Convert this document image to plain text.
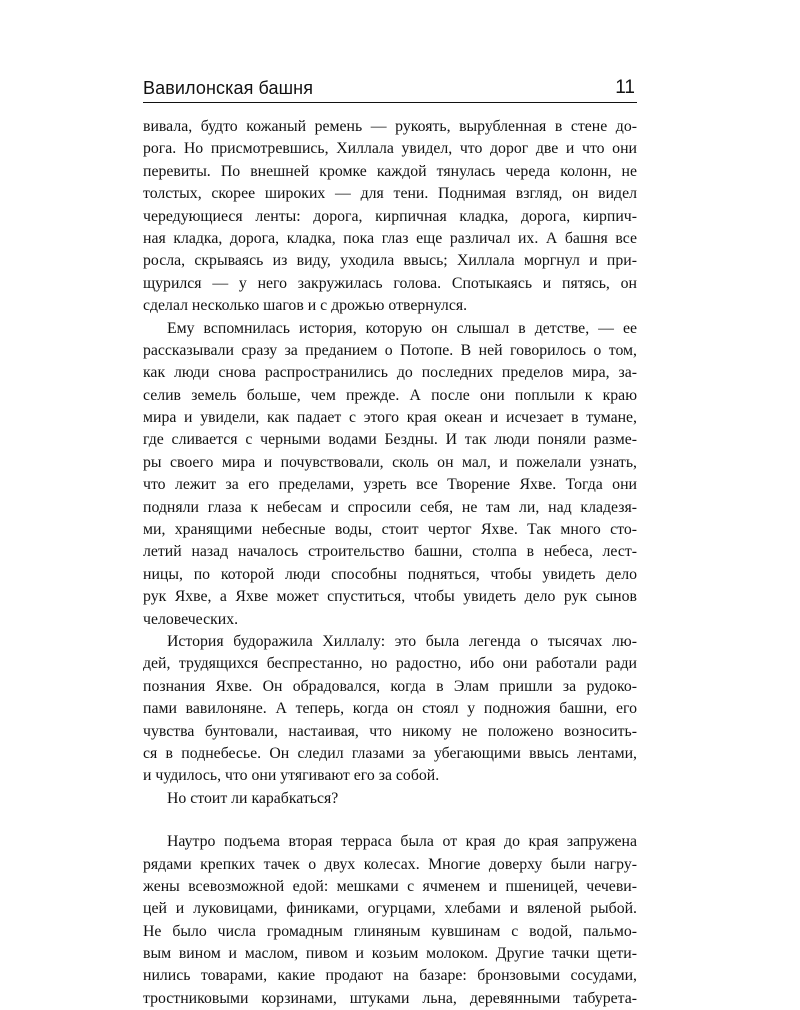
Вавилонская башня	11
вивала, будто кожаный ремень — рукоять, вырубленная в стене до-
рога. Но присмотревшись, Хиллала увидел, что дорог две и что они
перевиты. По внешней кромке каждой тянулась череда колонн, не
толстых, скорее широких — для тени. Поднимая взгляд, он видел
чередующиеся ленты: дорога, кирпичная кладка, дорога, кирпич-
ная кладка, дорога, кладка, пока глаз еще различал их. А башня все
росла, скрываясь из виду, уходила ввысь; Хиллала моргнул и при-
щурился — у него закружилась голова. Спотыкаясь и пятясь, он
сделал несколько шагов и с дрожью отвернулся.
Ему вспомнилась история, которую он слышал в детстве, — ее
рассказывали сразу за преданием о Потопе. В ней говорилось о том,
как люди снова распространились до последних пределов мира, за-
селив земель больше, чем прежде. А после они поплыли к краю
мира и увидели, как падает с этого края океан и исчезает в тумане,
где сливается с черными водами Бездны. И так люди поняли разме-
ры своего мира и почувствовали, сколь он мал, и пожелали узнать,
что лежит за его пределами, узреть все Творение Яхве. Тогда они
подняли глаза к небесам и спросили себя, не там ли, над кладезя-
ми, хранящими небесные воды, стоит чертог Яхве. Так много сто-
летий назад началось строительство башни, столпа в небеса, лест-
ницы, по которой люди способны подняться, чтобы увидеть дело
рук Яхве, а Яхве может спуститься, чтобы увидеть дело рук сынов
человеческих.
История будоражила Хиллалу: это была легенда о тысячах лю-
дей, трудящихся беспрестанно, но радостно, ибо они работали ради
познания Яхве. Он обрадовался, когда в Элам пришли за рудоко-
пами вавилоняне. А теперь, когда он стоял у подножия башни, его
чувства бунтовали, настаивая, что никому не положено возносить-
ся в поднебесье. Он следил глазами за убегающими ввысь лентами,
и чудилось, что они утягивают его за собой.
Но стоит ли карабкаться?
Наутро подъема вторая терраса была от края до края запружена
рядами крепких тачек о двух колесах. Многие доверху были нагру-
жены всевозможной едой: мешками с ячменем и пшеницей, чечеви-
цей и луковицами, финиками, огурцами, хлебами и вяленой рыбой.
Не было числа громадным глиняным кувшинам с водой, пальмо-
вым вином и маслом, пивом и козьим молоком. Другие тачки щети-
нились товарами, какие продают на базаре: бронзовыми сосудами,
тростниковыми корзинами, штуками льна, деревянными табурета-
